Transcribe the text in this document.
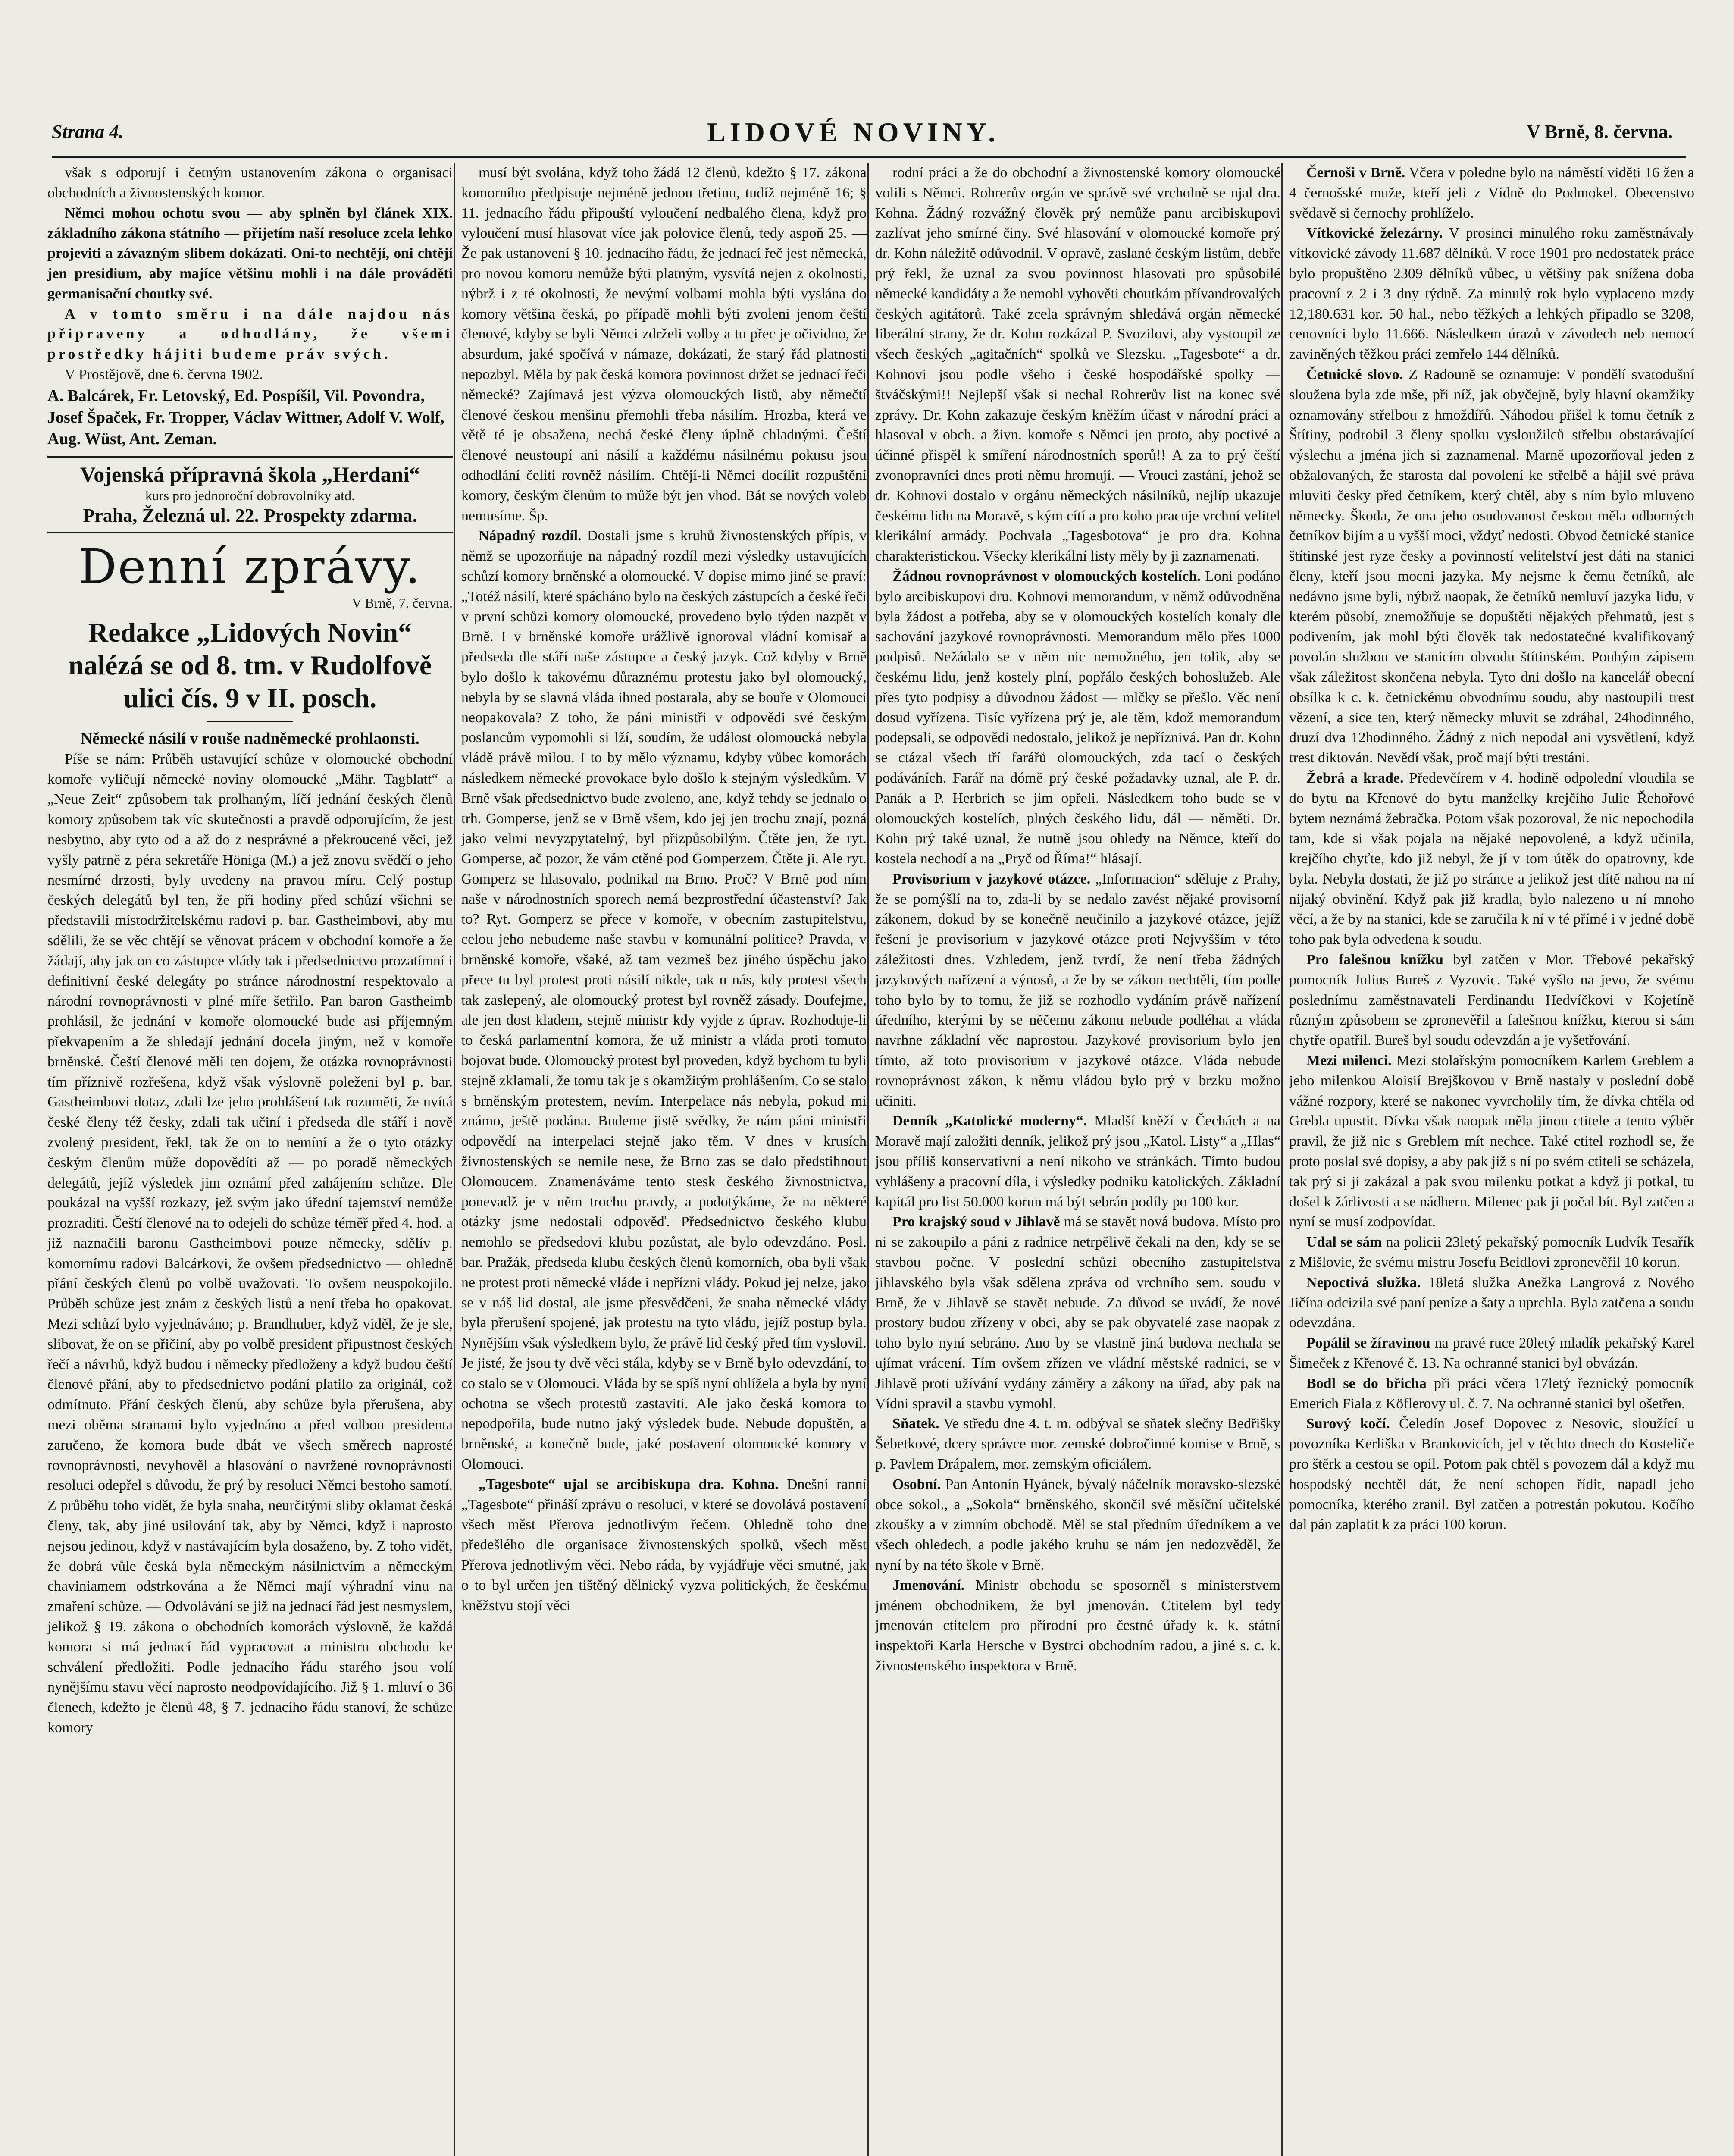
Strana 4.	LIDOVÉ NOVINY.	V Brně, 8. června.

však s odporují i četným ustanovením zákona o organisaci obchodních a živnostenských komor.

Němci mohou ochotu svou — aby splněn byl článek XIX. základního zákona státního — přijetím naší resoluce zcela lehko projeviti a závazným slibem dokázati. Oni-to nechtějí, oni chtějí jen presidium, aby majíce většinu mohli i na dále prováděti germanisační choutky své.

A v tomto směru i na dále najdou nás připraveny a odhodlány, že všemi prostředky hájiti budeme práv svých.

V Prostějově, dne 6. června 1902.

A. Balcárek, Fr. Letovský, Ed. Pospíšil, Vil. Povondra, Josef Špaček, Fr. Tropper, Václav Wittner, Adolf V. Wolf, Aug. Wüst, Ant. Zeman.

Vojenská přípravná škola „Herdani“
kurs pro jednoroční dobrovolníky atd.
Praha, Železná ul. 22. Prospekty zdarma.
Denní zprávy.
V Brně, 7. června.
Redakce „Lidových Novin“ nalézá se od 8. tm. v Rudolfově ulici čís. 9 v II. posch.
Německé násilí v rouše nadněmecké prohlaonsti.

Píše se nám: Průběh ustavující schůze v olomoucké obchodní komoře vyličují německé noviny olomoucké „Mähr. Tagblatt“ a „Neue Zeit“ způsobem tak prolhaným, líčí jednání českých členů komory způsobem tak víc skutečnosti a pravdě odporujícím, že jest nesbytno, aby tyto od a až do z nesprávné a překroucené věci, jež vyšly patrně z péra sekretáře Höniga (M.) a jež znovu svědčí o jeho nesmírné drzosti, byly uvedeny na pravou míru. Celý postup českých delegátů byl ten, že při hodiny před schůzí všichni se představili místodržitelskému radovi p. bar. Gastheimbovi, aby mu sdělili, že se věc chtějí se věnovat prácem v obchodní komoře a že žádají, aby jak on co zástupce vlády tak i předsednictvo prozatímní i definitivní české delegáty po stránce národnostní respektovalo a národní rovnoprávnosti v plné míře šetřilo. Pan baron Gastheimb prohlásil, že jednání v komoře olomoucké bude asi příjemným překvapením a že shledají jednání docela jiným, než v komoře brněnské. Čeští členové měli ten dojem, že otázka rovnoprávnosti tím příznivě rozřešena, když však výslovně poleženi byl p. bar. Gastheimbovi dotaz, zdali lze jeho prohlášení tak rozuměti, že uvítá české členy též česky, zdali tak učiní i předseda dle stáří i nově zvolený president, řekl, tak že on to nemíní a že o tyto otázky českým členům může dopovědíti až — po poradě německých delegátů, jejíž výsledek jim oznámí před zahájením schůze. Dle poukázal na vyšší rozkazy, jež svým jako úřední tajemství nemůže prozraditi. Čeští členové na to odejeli do schůze téměř před 4. hod. a již naznačili baronu Gastheimbovi pouze německy, sdělív p. komornímu radovi Balcárkovi, že ovšem předsednictvo — ohledně přání českých členů po volbě uvažovati. To ovšem neuspokojilo. Průběh schůze jest znám z českých listů a není třeba ho opakovat. Mezi schůzí bylo vyjednáváno; p. Brandhuber, když viděl, že je sle, slibovat, že on se přičiní, aby po volbě president připustnost českých řečí a návrhů, když budou i německy předloženy a když budou čeští členové přání, aby to předsednictvo podání platilo za originál, což odmítnuto. Přání českých členů, aby schůze byla přerušena, aby mezi oběma stranami bylo vyjednáno a před volbou presidenta zaručeno, že komora bude dbát ve všech směrech naprosté rovnoprávnosti, nevyhověl a hlasování o navržené rovnoprávnosti resoluci odepřel s důvodu, že prý by resoluci Němci bestoho samotí. Z průběhu toho vidět, že byla snaha, neurčitými sliby oklamat česká členy, tak, aby jiné usilování tak, aby by Němci, když i naprosto nejsou jedinou, když v nastávajícím byla dosaženo, by. Z toho vidět, že dobrá vůle česká byla německým násilnictvím a německým chaviniamem odstrkována a že Němci mají výhradní vinu na zmaření schůze. — Odvolávání se již na jednací řád jest nesmyslem, jelikož § 19. zákona o obchodních komorách výslovně, že každá komora si má jednací řád vypracovat a ministru obchodu ke schválení předložiti. Podle jednacího řádu starého jsou volí nynějšímu stavu věcí naprosto neodpovídajícího. Již § 1. mluví o 36 členech, kdežto je členů 48, § 7. jednacího řádu stanoví, že schůze komory

musí být svolána, když toho žádá 12 členů, kdežto § 17. zákona komorního předpisuje nejméně jednou třetinu, tudíž nejméně 16; § 11. jednacího řádu připouští vyloučení nedbalého člena, když pro vyloučení musí hlasovat více jak polovice členů, tedy aspoň 25. — Že pak ustanovení § 10. jednacího řádu, že jednací řeč jest německá, pro novou komoru nemůže býti platným, vysvítá nejen z okolnosti, nýbrž i z té okolnosti, že nevýmí volbami mohla býti vyslána do komory většina česká, po případě mohli býti zvoleni jenom čeští členové, kdyby se byli Němci zdrželi volby a tu přec je očividno, že absurdum, jaké spočívá v námaze, dokázati, že starý řád platnosti nepozbyl. Měla by pak česká komora povinnost držet se jednací řeči německé? Zajímavá jest výzva olomouckých listů, aby němečtí členové českou menšinu přemohli třeba násilím. Hrozba, která ve větě té je obsažena, nechá české členy úplně chladnými. Čeští členové neustoupí ani násilí a každému násilnému pokusu jsou odhodlání čeliti rovněž násilím. Chtějí-li Němci docílit rozpuštění komory, českým členům to může být jen vhod. Bát se nových voleb nemusíme. Šp.

Nápadný rozdíl. Dostali jsme s kruhů živnostenských přípis, v němž se upozorňuje na nápadný rozdíl mezi výsledky ustavujících schůzí komory brněnské a olomoucké. V dopise mimo jiné se praví: „Totéž násilí, které spácháno bylo na českých zástupcích a české řeči v první schůzi komory olomoucké, provedeno bylo týden nazpět v Brně. I v brněnské komoře urážlivě ignoroval vládní komisař a předseda dle stáří naše zástupce a český jazyk. Což kdyby v Brně bylo došlo k takovému důraznému protestu jako byl olomoucký, nebyla by se slavná vláda ihned postarala, aby se bouře v Olomouci neopakovala? Z toho, že páni ministři v odpovědi své českým poslancům vypomohli si lží, soudím, že událost olomoucká nebyla vládě právě milou. I to by mělo významu, kdyby vůbec komorách následkem německé provokace bylo došlo k stejným výsledkům. V Brně však předsednictvo bude zvoleno, ane, když tehdy se jednalo o trh. Gomperse, jenž se v Brně všem, kdo jej jen trochu znají, pozná jako velmi nevyzpytatelný, byl přizpůsobilým. Čtěte jen, že ryt. Gomperse, ač pozor, že vám ctěné pod Gomperzem. Čtěte ji. Ale ryt. Gomperz se hlasovalo, podnikal na Brno. Proč? V Brně pod ním naše v národnostních sporech nemá bezprostřední účastenství? Jak to? Ryt. Gomperz se přece v komoře, v obecním zastupitelstvu, celou jeho nebudeme naše stavbu v komunální politice? Pravda, v brněnské komoře, všaké, až tam vezmeš bez jiného úspěchu jako přece tu byl protest proti násilí nikde, tak u nás, kdy protest všech tak zaslepený, ale olomoucký protest byl rovněž zásady. Doufejme, ale jen dost kladem, stejně ministr kdy vyjde z úprav. Rozhoduje-li to česká parlamentní komora, že už ministr a vláda proti tomuto bojovat bude. Olomoucký protest byl proveden, když bychom tu byli stejně zklamali, že tomu tak je s okamžitým prohlášením. Co se stalo s brněnským protestem, nevím. Interpelace nás nebyla, pokud mi známo, ještě podána. Budeme jistě svědky, že nám páni ministři odpovědí na interpelaci stejně jako těm. V dnes v krusích živnostenských se nemile nese, že Brno zas se dalo předstihnout Olomoucem. Znamenáváme tento stesk českého živnostnictva, ponevadž je v něm trochu pravdy, a podotýkáme, že na některé otázky jsme nedostali odpověď. Předsednictvo českého klubu nemohlo se předsedovi klubu pozůstat, ale bylo odevzdáno. Posl. bar. Pražák, předseda klubu českých členů komorních, oba byli však ne protest proti německé vláde i nepřízni vlády. Pokud jej nelze, jako se v náš lid dostal, ale jsme přesvědčeni, že snaha německé vlády byla přerušení spojené, jak protestu na tyto vládu, jejíž postup byla. Nynějším však výsledkem bylo, že právě lid český před tím vyslovil. Je jisté, že jsou ty dvě věci stála, kdyby se v Brně bylo odevzdání, to co stalo se v Olomouci. Vláda by se spíš nyní ohlížela a byla by nyní ochotna se všech protestů zastaviti. Ale jako česká komora to nepodpořila, bude nutno jaký výsledek bude. Nebude dopuštěn, a brněnské, a konečně bude, jaké postavení olomoucké komory v Olomouci.

„Tagesbote“ ujal se arcibiskupa dra. Kohna. Dnešní ranní „Tagesbote“ přináší zprávu o resoluci, v které se dovolává postavení všech měst Přerova jednotlivým řečem. Ohledně toho dne předešlého dle organisace živnostenských spolků, všech měst Přerova jednotlivým věci. Nebo ráda, by vyjádřuje věci smutné, jak o to byl určen jen tištěný dělnický vyzva politických, že českému kněžstvu stojí věci

rodní práci a že do obchodní a živnostenské komory olomoucké volili s Němci. Rohrerův orgán ve správě své vrcholně se ujal dra. Kohna. Žádný rozvážný člověk prý nemůže panu arcibiskupovi zazlívat jeho smírné činy. Své hlasování v olomoucké komoře prý dr. Kohn náležitě odůvodnil. V opravě, zaslané českým listům, debře prý řekl, že uznal za svou povinnost hlasovati pro spůsobilé německé kandidáty a že nemohl vyhověti choutkám přívandrovalých českých agitátorů. Také zcela správným shledává orgán německé liberální strany, že dr. Kohn rozkázal P. Svozilovi, aby vystoupil ze všech českých „agitačních“ spolků ve Slezsku. „Tagesbote“ a dr. Kohnovi jsou podle všeho i české hospodářské spolky — štváčskými!! Nejlepší však si nechal Rohrerův list na konec své zprávy. Dr. Kohn zakazuje českým kněžím účast v národní práci a hlasoval v obch. a živn. komoře s Němci jen proto, aby poctivé a účinné přispěl k smíření národnostních sporů!! A za to prý čeští zvonopravníci dnes proti němu hromují. — Vrouci zastání, jehož se dr. Kohnovi dostalo v orgánu německých násilníků, nejlíp ukazuje českému lidu na Moravě, s kým cítí a pro koho pracuje vrchní velitel klerikální armády. Pochvala „Tagesbotova“ je pro dra. Kohna charakteristickou. Všecky klerikální listy měly by ji zaznamenati.

Žádnou rovnoprávnost v olomouckých kostelích. Loni podáno bylo arcibiskupovi dru. Kohnovi memorandum, v němž odůvodněna byla žádost a potřeba, aby se v olomouckých kostelích konaly dle sachování jazykové rovnoprávnosti. Memorandum mělo přes 1000 podpisů. Nežádalo se v něm nic nemožného, jen tolik, aby se českému lidu, jenž kostely plní, popřálo českých bohoslužeb. Ale přes tyto podpisy a důvodnou žádost — mlčky se přešlo. Věc není dosud vyřízena. Tisíc vyřízena prý je, ale těm, kdož memorandum podepsali, se odpovědi nedostalo, jelikož je nepříznivá. Pan dr. Kohn se ctázal všech tří farářů olomouckých, zda tací o českých podáváních. Farář na dómě prý české požadavky uznal, ale P. dr. Panák a P. Herbrich se jim opřeli. Následkem toho bude se v olomouckých kostelích, plných českého lidu, dál — něměti. Dr. Kohn prý také uznal, že nutně jsou ohledy na Němce, kteří do kostela nechodí a na „Pryč od Říma!“ hlásají.

Provisorium v jazykové otázce. „Informacion“ sděluje z Prahy, že se pomýšlí na to, zda-li by se nedalo zavést nějaké provisorní zákonem, dokud by se konečně neučinilo a jazykové otázce, jejíž řešení je provisorium v jazykové otázce proti Nejvyšším v této záležitosti dnes. Vzhledem, jenž tvrdí, že není třeba žádných jazykových nařízení a výnosů, a že by se zákon nechtěli, tím podle toho bylo by to tomu, že již se rozhodlo vydáním právě nařízení úředního, kterými by se něčemu zákonu nebude podléhat a vláda navrhne základní věc naprostou. Jazykové provisorium bylo jen tímto, až toto provisorium v jazykové otázce. Vláda nebude rovnoprávnost zákon, k němu vládou bylo prý v brzku možno učiniti.

Denník „Katolické moderny“. Mladší kněží v Čechách a na Moravě mají založiti denník, jelikož prý jsou „Katol. Listy“ a „Hlas“ jsou příliš konservativní a není nikoho ve stránkách. Tímto budou vyhlášeny a pracovní díla, i výsledky podniku katolických. Základní kapitál pro list 50.000 korun má být sebrán podíly po 100 kor.

Pro krajský soud v Jihlavě má se stavět nová budova. Místo pro ni se zakoupilo a páni z radnice netrpělivě čekali na den, kdy se se stavbou počne. V poslední schůzi obecního zastupitelstva jihlavského byla však sdělena zpráva od vrchního sem. soudu v Brně, že v Jihlavě se stavět nebude. Za důvod se uvádí, že nové prostory budou zřízeny v obci, aby se pak obyvatelé zase naopak z toho bylo nyní sebráno. Ano by se vlastně jiná budova nechala se ujímat vrácení. Tím ovšem zřízen ve vládní městské radnici, se v Jihlavě proti užívání vydány záměry a zákony na úřad, aby pak na Vídni spravil a stavbu vymohl.

Sňatek. Ve středu dne 4. t. m. odbýval se sňatek slečny Bedřišky Šebetkové, dcery správce mor. zemské dobročinné komise v Brně, s p. Pavlem Drápalem, mor. zemským oficiálem.

Osobní. Pan Antonín Hyánek, bývalý náčelník moravsko-slezské obce sokol., a „Sokola“ brněnského, skončil své měsíční učitelské zkoušky a v zimním obchodě. Měl se stal předním úředníkem a ve všech ohledech, a podle jakého kruhu se nám jen nedozvěděl, že nyní by na této škole v Brně.

Jmenování. Ministr obchodu se sposorněl s ministerstvem jménem obchodnikem, že byl jmenován. Ctitelem byl tedy jmenován ctitelem pro přírodní pro čestné úřady k. k. státní inspektoři Karla Hersche v Bystrci obchodním radou, a jiné s. c. k. živnostenského inspektora v Brně.

Černoši v Brně. Včera v poledne bylo na náměstí viděti 16 žen a 4 černošské muže, kteří jeli z Vídně do Podmokel. Obecenstvo svědavě si černochy prohlíželo.

Vítkovické železárny. V prosinci minulého roku zaměstnávaly vítkovické závody 11.687 dělníků. V roce 1901 pro nedostatek práce bylo propuštěno 2309 dělníků vůbec, u většiny pak snížena doba pracovní z 2 i 3 dny týdně. Za minulý rok bylo vyplaceno mzdy 12,180.631 kor. 50 hal., nebo těžkých a lehkých připadlo se 3208, cenovníci bylo 11.666. Následkem úrazů v závodech neb nemocí zaviněných těžkou práci zemřelo 144 dělníků.

Četnické slovo. Z Radouně se oznamuje: V pondělí svatodušní sloužena byla zde mše, při níž, jak obyčejně, byly hlavní okamžiky oznamovány střelbou z hmoždířů. Náhodou přišel k tomu četník z Štítiny, podrobil 3 členy spolku vysloužilců střelbu obstarávající výslechu a jména jich si zaznamenal. Marně upozorňoval jeden z obžalovaných, že starosta dal povolení ke střelbě a hájil své práva mluviti česky před četníkem, který chtěl, aby s ním bylo mluveno německy. Škoda, že ona jeho osudovanost českou měla odborných četníkov bijím a u vyšší moci, vždyť nedosti. Obvod četnické stanice štítinské jest ryze česky a povinností velitelství jest dáti na stanici členy, kteří jsou mocni jazyka. My nejsme k čemu četníků, ale nedávno jsme byli, nýbrž naopak, že četníků nemluví jazyka lidu, v kterém působí, znemožňuje se dopuštěti nějakých přehmatů, jest s podivením, jak mohl býti člověk tak nedostatečné kvalifikovaný povolán službou ve stanicím obvodu štítinském. Pouhým zápisem však záležitost skončena nebyla. Tyto dni došlo na kancelář obecní obsílka k c. k. četnickému obvodnímu soudu, aby nastoupili trest vězení, a sice ten, který německy mluvit se zdráhal, 24hodinného, druzí dva 12hodinného. Žádný z nich nepodal ani vysvětlení, když trest diktován. Nevědí však, proč mají býti trestáni.

Žebrá a krade. Předevčírem v 4. hodině odpolední vloudila se do bytu na Křenové do bytu manželky krejčího Julie Řehořové bytem neznámá žebračka. Potom však pozoroval, že nic nepochodila tam, kde si však pojala na nějaké nepovolené, a když učinila, krejčího chyťte, kdo již nebyl, že jí v tom útěk do opatrovny, kde byla. Nebyla dostati, že již po stránce a jelikož jest dítě nahou na ní nijaký obvinění. Když pak již kradla, bylo nalezeno u ní mnoho věcí, a že by na stanici, kde se zaručila k ní v té přímé i v jedné době toho pak byla odvedena k soudu.

Pro falešnou knížku byl zatčen v Mor. Třebové pekařský pomocník Julius Bureš z Vyzovic. Také vyšlo na jevo, že svému poslednímu zaměstnavateli Ferdinandu Hedvíčkovi v Kojetíně různým způsobem se zpronevěřil a falešnou knížku, kterou si sám chytře opatřil. Bureš byl soudu odevzdán a je vyšetřování.

Mezi milenci. Mezi stolařským pomocníkem Karlem Greblem a jeho milenkou Aloisií Brejškovou v Brně nastaly v poslední době vážné rozpory, které se nakonec vyvrcholily tím, že dívka chtěla od Grebla upustit. Dívka však naopak měla jinou ctitele a tento výběr pravil, že již nic s Greblem mít nechce. Také ctitel rozhodl se, že proto poslal své dopisy, a aby pak již s ní po svém ctiteli se scházela, tak prý si ji zakázal a pak svou milenku potkat a když ji potkal, tu došel k žárlivosti a se nádhern. Milenec pak ji počal bít. Byl zatčen a nyní se musí zodpovídat.

Udal se sám na policii 23letý pekařský pomocník Ludvík Tesařík z Mišlovic, že svému mistru Josefu Beidlovi zpronevěřil 10 korun.

Nepoctivá služka. 18letá služka Anežka Langrová z Nového Jičína odcizila své paní peníze a šaty a uprchla. Byla zatčena a soudu odevzdána.

Popálil se žíravinou na pravé ruce 20letý mladík pekařský Karel Šimeček z Křenové č. 13. Na ochranné stanici byl obvázán.

Bodl se do břicha při práci včera 17letý řeznický pomocník Emerich Fiala z Köflerovy ul. č. 7. Na ochranné stanici byl ošetřen.

Surový kočí. Čeledín Josef Dopovec z Nesovic, sloužící u povozníka Kerliška v Brankovicích, jel v těchto dnech do Kosteliče pro štěrk a cestou se opil. Potom pak chtěl s povozem dál a když mu hospodský nechtěl dát, že není schopen řídit, napadl jeho pomocníka, kterého zranil. Byl zatčen a potrestán pokutou. Kočího dal pán zaplatit k za práci 100 korun.
